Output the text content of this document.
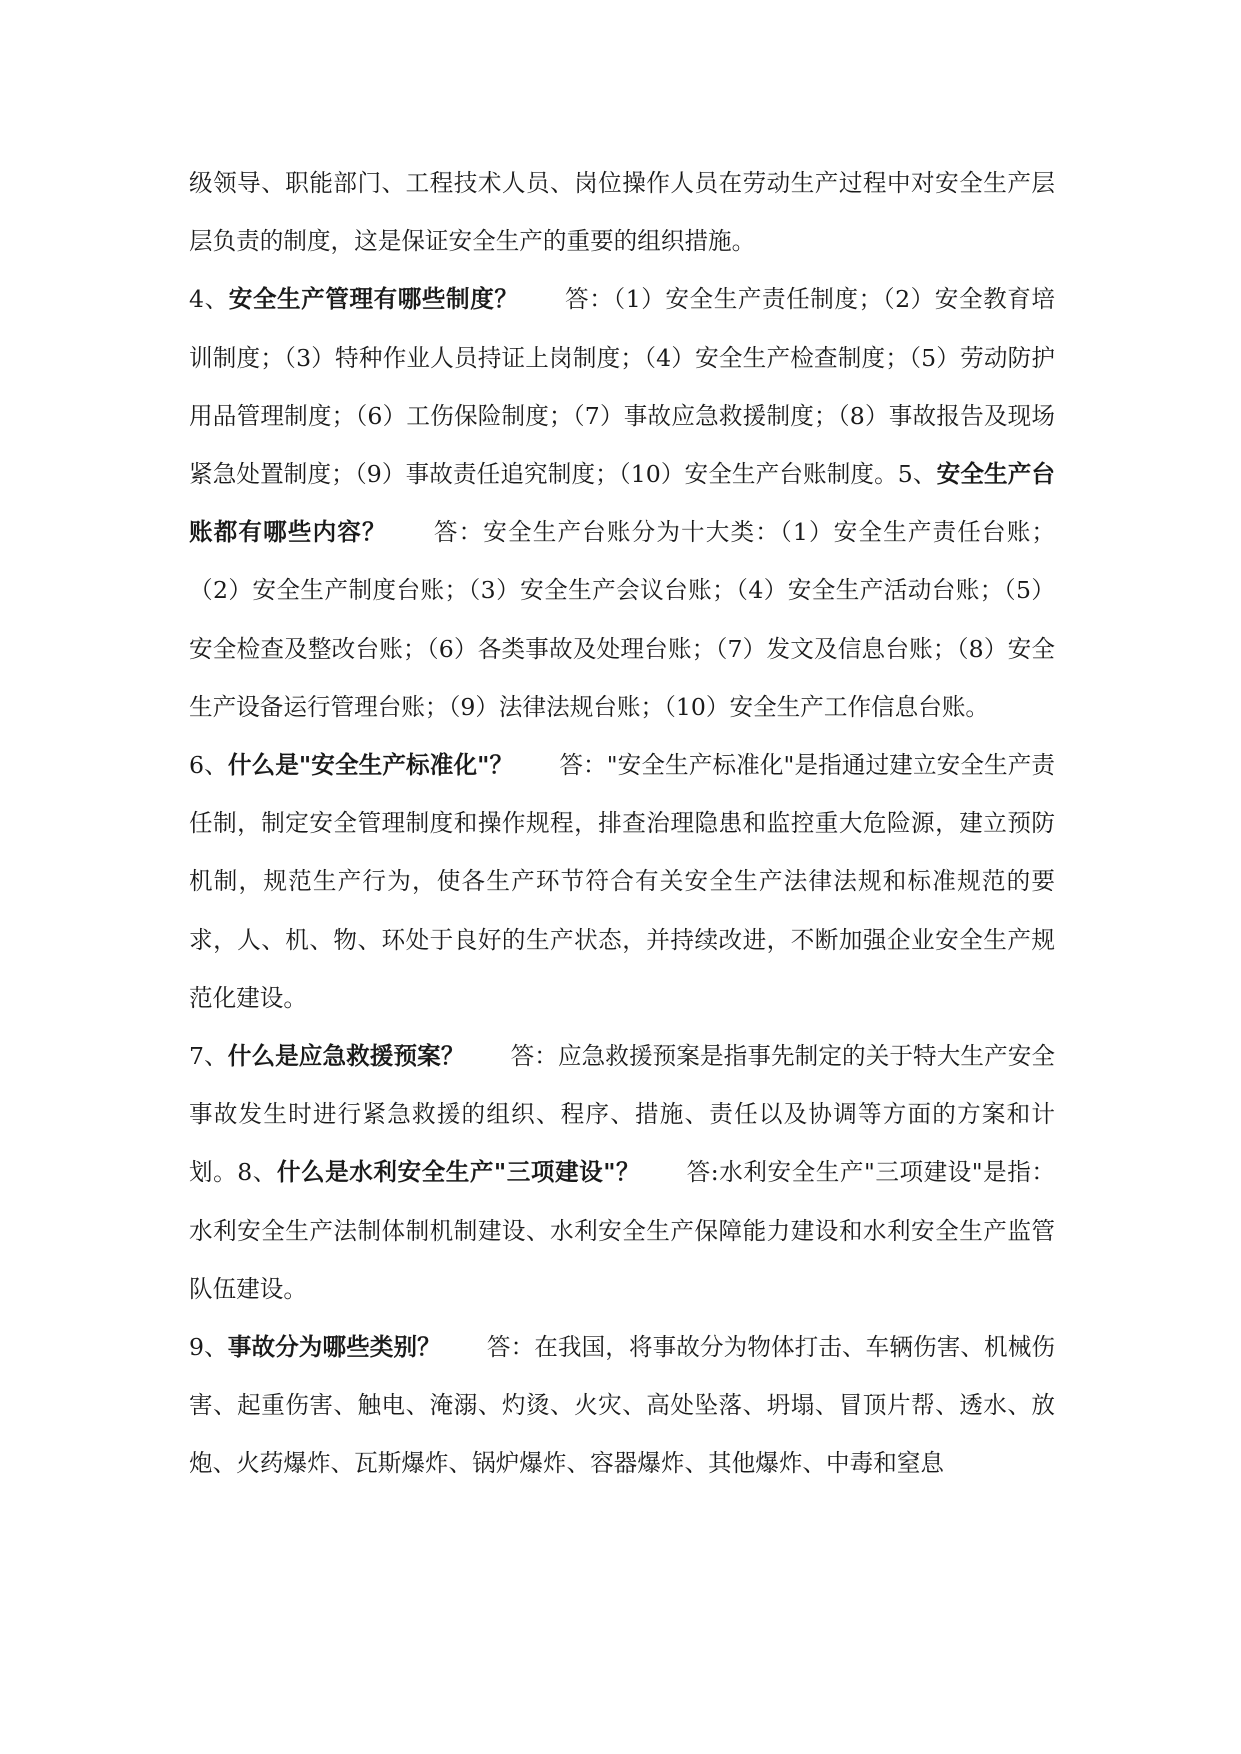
级领导、职能部门、工程技术人员、岗位操作人员在劳动生产过程中对安全生产层层负责的制度，这是保证安全生产的重要的组织措施。

4、安全生产管理有哪些制度？ 答：（1）安全生产责任制度；（2）安全教育培训制度；（3）特种作业人员持证上岗制度；（4）安全生产检查制度；（5）劳动防护用品管理制度；（6）工伤保险制度；（7）事故应急救援制度；（8）事故报告及现场紧急处置制度；（9）事故责任追究制度；（10）安全生产台账制度。5、安全生产台账都有哪些内容？ 答：安全生产台账分为十大类：（1）安全生产责任台账；（2）安全生产制度台账；（3）安全生产会议台账；（4）安全生产活动台账；（5）安全检查及整改台账；（6）各类事故及处理台账；（7）发文及信息台账；（8）安全生产设备运行管理台账；（9）法律法规台账；（10）安全生产工作信息台账。

6、什么是"安全生产标准化"？ 答："安全生产标准化"是指通过建立安全生产责任制，制定安全管理制度和操作规程，排查治理隐患和监控重大危险源，建立预防机制，规范生产行为，使各生产环节符合有关安全生产法律法规和标准规范的要求，人、机、物、环处于良好的生产状态，并持续改进，不断加强企业安全生产规范化建设。

7、什么是应急救援预案？ 答：应急救援预案是指事先制定的关于特大生产安全事故发生时进行紧急救援的组织、程序、措施、责任以及协调等方面的方案和计划。8、什么是水利安全生产"三项建设"？ 答:水利安全生产"三项建设"是指：水利安全生产法制体制机制建设、水利安全生产保障能力建设和水利安全生产监管队伍建设。

9、事故分为哪些类别？ 答：在我国，将事故分为物体打击、车辆伤害、机械伤害、起重伤害、触电、淹溺、灼烫、火灾、高处坠落、坍塌、冒顶片帮、透水、放炮、火药爆炸、瓦斯爆炸、锅炉爆炸、容器爆炸、其他爆炸、中毒和窒息
